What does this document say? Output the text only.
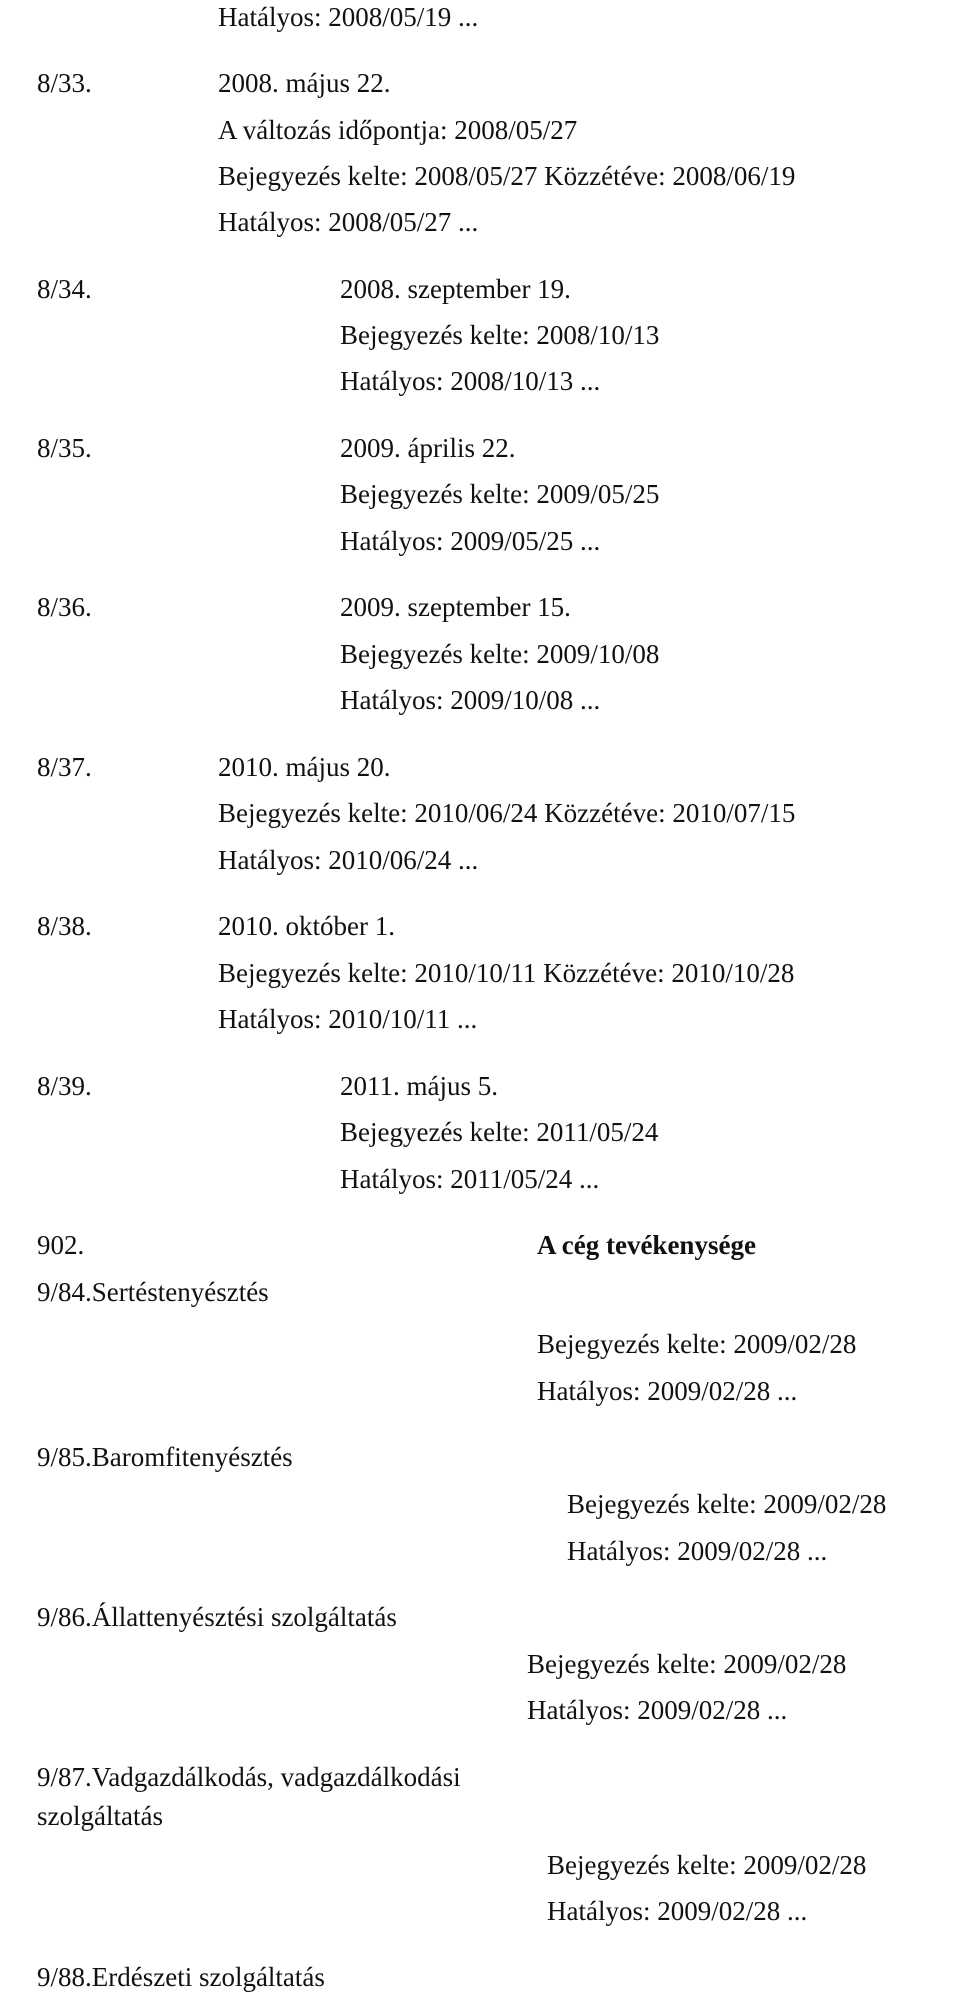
Hatályos: 2008/05/19 ...
8/33.	2008. május 22.
A változás időpontja: 2008/05/27
Bejegyezés kelte: 2008/05/27 Közzétéve: 2008/06/19
Hatályos: 2008/05/27 ...
8/34.	2008. szeptember 19.
Bejegyezés kelte: 2008/10/13
Hatályos: 2008/10/13 ...
8/35.	2009. április 22.
Bejegyezés kelte: 2009/05/25
Hatályos: 2009/05/25 ...
8/36.	2009. szeptember 15.
Bejegyezés kelte: 2009/10/08
Hatályos: 2009/10/08 ...
8/37.	2010. május 20.
Bejegyezés kelte: 2010/06/24 Közzétéve: 2010/07/15
Hatályos: 2010/06/24 ...
8/38.	2010. október 1.
Bejegyezés kelte: 2010/10/11 Közzétéve: 2010/10/28
Hatályos: 2010/10/11 ...
8/39.	2011. május 5.
Bejegyezés kelte: 2011/05/24
Hatályos: 2011/05/24 ...
902.	A cég tevékenysége
9/84.Sertéstenyésztés
Bejegyezés kelte: 2009/02/28
Hatályos: 2009/02/28 ...
9/85.Baromfitenyésztés
Bejegyezés kelte: 2009/02/28
Hatályos: 2009/02/28 ...
9/86.Állattenyésztési szolgáltatás
Bejegyezés kelte: 2009/02/28
Hatályos: 2009/02/28 ...
9/87.Vadgazdálkodás, vadgazdálkodási
szolgáltatás
Bejegyezés kelte: 2009/02/28
Hatályos: 2009/02/28 ...
9/88.Erdészeti szolgáltatás
